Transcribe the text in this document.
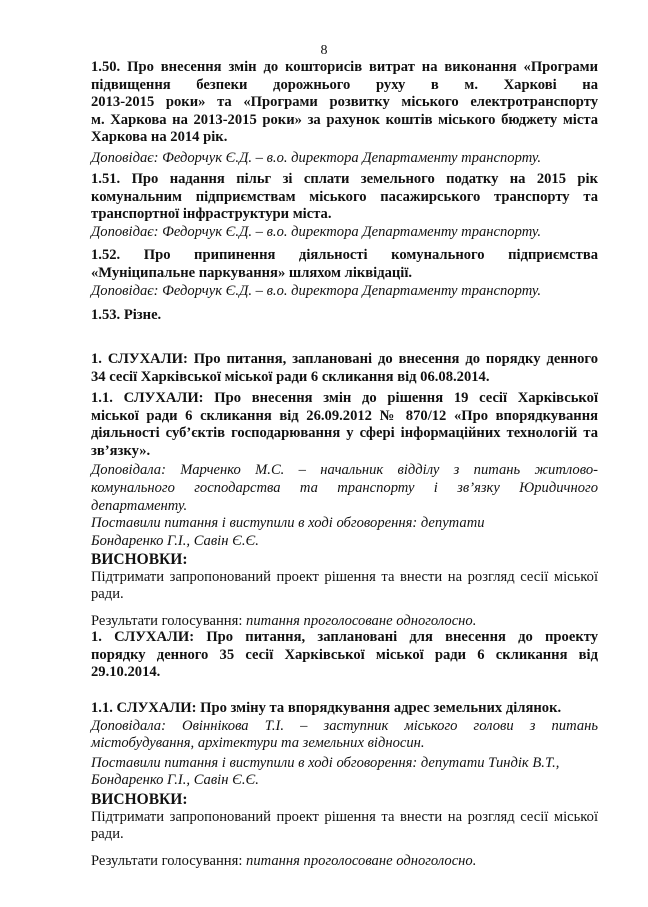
8
1.50. Про внесення змін до кошторисів витрат на виконання «Програми
підвищення безпеки дорожнього руху в м. Харкові на
2013-2015 роки» та «Програми розвитку міського електротранспорту
м. Харкова на 2013-2015 роки» за рахунок коштів міського бюджету міста
Харкова на 2014 рік.
Доповідає: Федорчук Є.Д. – в.о. директора Департаменту транспорту.
1.51. Про надання пільг зі сплати земельного податку на 2015 рік
комунальним підприємствам міського пасажирського транспорту та
транспортної інфраструктури міста.
Доповідає: Федорчук Є.Д. – в.о. директора Департаменту транспорту.
1.52. Про припинення діяльності комунального підприємства
«Муніципальне паркування» шляхом ліквідації.
Доповідає: Федорчук Є.Д. – в.о. директора Департаменту транспорту.
1.53. Різне.
1. СЛУХАЛИ: Про питання, заплановані до внесення до порядку денного
34 сесії Харківської міської ради 6 скликання від 06.08.2014.
1.1. СЛУХАЛИ: Про внесення змін до рішення 19 сесії Харківської
міської ради 6 скликання від 26.09.2012 № 870/12 «Про впорядкування
діяльності суб’єктів господарювання у сфері інформаційних технологій та
зв’язку».
Доповідала: Марченко М.С. – начальник відділу з питань житлово-
комунального господарства та транспорту і зв’язку Юридичного
департаменту.
Поставили питання і виступили в ході обговорення: депутати
Бондаренко Г.І., Савін Є.Є.
ВИСНОВКИ:
Підтримати запропонований проект рішення та внести на розгляд сесії міської
ради.
Результати голосування: питання проголосоване одноголосно.
1. СЛУХАЛИ: Про питання, заплановані для внесення до проекту
порядку денного 35 сесії Харківської міської ради 6 скликання від
29.10.2014.
1.1. СЛУХАЛИ: Про зміну та впорядкування адрес земельних ділянок.
Доповідала: Овіннікова Т.І. – заступник міського голови з питань
містобудування, архітектури та земельних відносин.
Поставили питання і виступили в ході обговорення: депутати Тиндік В.Т.,
Бондаренко Г.І., Савін Є.Є.
ВИСНОВКИ:
Підтримати запропонований проект рішення та внести на розгляд сесії міської
ради.
Результати голосування: питання проголосоване одноголосно.
